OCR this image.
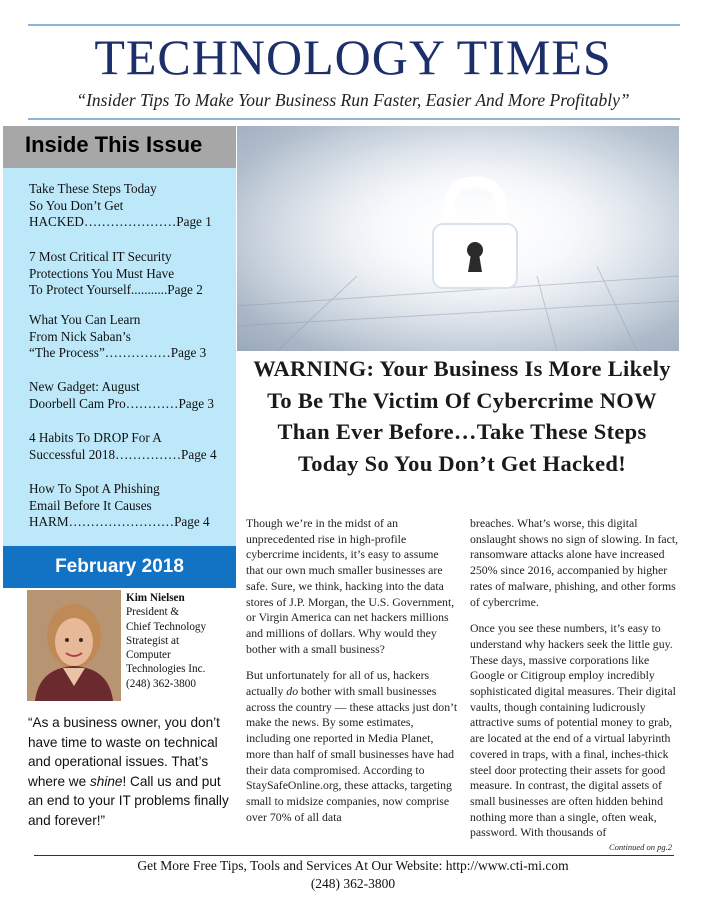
TECHNOLOGY TIMES
“Insider Tips To Make Your Business Run Faster, Easier And More Profitably”
Inside This Issue
Take These Steps Today
So You Don’t Get
HACKED…………………Page 1
7 Most Critical IT Security
Protections You Must Have
To Protect Yourself...........Page 2
What You Can Learn
From Nick Saban’s
“The Process”……………Page 3
New Gadget: August
Doorbell Cam Pro…………Page 3
4 Habits To DROP For A
Successful 2018……………Page 4
How To Spot A Phishing
Email Before It Causes
HARM……………………Page 4
February 2018
Kim Nielsen
President &
Chief Technology
Strategist at
Computer
Technologies Inc.
(248) 362-3800
“As a business owner, you don’t have time to waste on technical and operational issues. That’s where we shine! Call us and put an end to your IT problems finally and forever!”
WARNING: Your Business Is More Likely To Be The Victim Of Cybercrime NOW Than Ever Before…Take These Steps Today So You Don’t Get Hacked!

Though we’re in the midst of an unprecedented rise in high-profile cybercrime incidents, it’s easy to assume that our own much smaller businesses are safe. Sure, we think, hacking into the data stores of J.P. Morgan, the U.S. Government, or Virgin America can net hackers millions and millions of dollars. Why would they bother with a small business?

But unfortunately for all of us, hackers actually do bother with small businesses across the country — these attacks just don’t make the news. By some estimates, including one reported in Media Planet, more than half of small businesses have had their data compromised. According to StaySafeOnline.org, these attacks, targeting small to midsize companies, now comprise over 70% of all data

breaches. What’s worse, this digital onslaught shows no sign of slowing. In fact, ransomware attacks alone have increased 250% since 2016, accompanied by higher rates of malware, phishing, and other forms of cybercrime.

Once you see these numbers, it’s easy to understand why hackers seek the little guy. These days, massive corporations like Google or Citigroup employ incredibly sophisticated digital measures. Their digital vaults, though containing ludicrously attractive sums of potential money to grab, are located at the end of a virtual labyrinth covered in traps, with a final, inches-thick steel door protecting their assets for good measure. In contrast, the digital assets of small businesses are often hidden behind nothing more than a single, often weak, password. With thousands of

Continued on pg.2
Get More Free Tips, Tools and Services At Our Website: http://www.cti-mi.com
(248) 362-3800
